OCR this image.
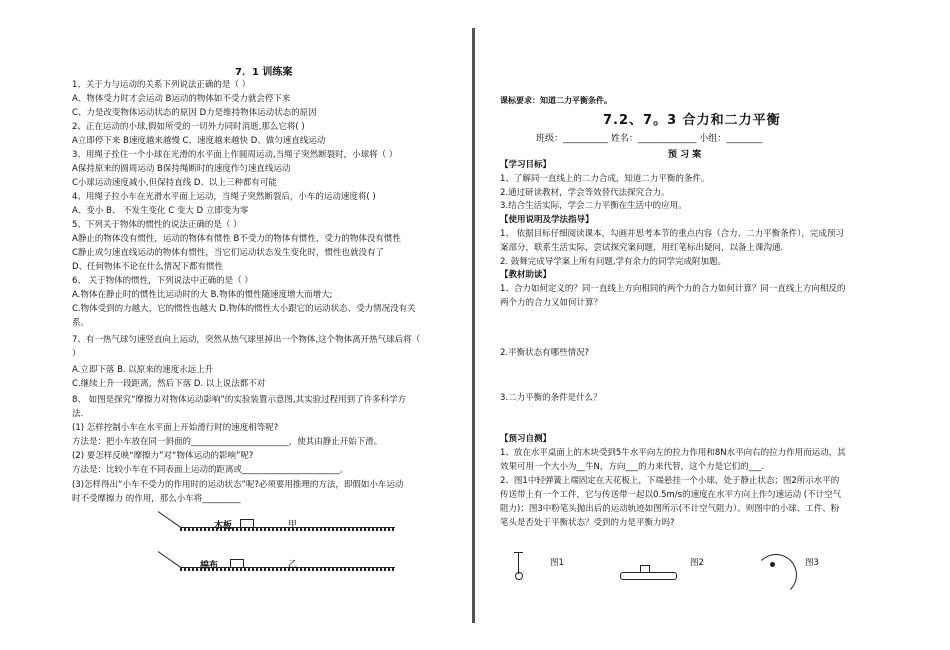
7．1 训练案
1、关于力与运动的关系下列说法正确的是（ ）
A、物体受力时才会运动 B运动的物体如不受力就会停下来
C、力是改变物体运动状态的原因 D力是维持物体运动状态的原因
2、正在运动的小球,假如所受的一切外力同时消逝,那么它将( )
A立即停下来 B速度越来越慢 C、速度越来越快 D、做匀速直线运动
3、用绳子拴住一个小球在光滑的水平面上作圆周运动,当绳子突然断裂时，小球将（ ）
A保持原来的圆周运动 B保持绳断时的速度作匀速直线运动
C小球运动速度减小,但保持直线 D、以上三种都有可能
4、用绳子拉小车在光滑水平面上运动，当绳子突然断裂后，小车的运动速度将( )
A、变小 B、 不发生变化 C 变大 D 立即变为零
5、下列关于物体的惯性的说法正确的是（ ）
A静止的物体没有惯性，运动的物体有惯性 B不受力的物体有惯性，受力的物体没有惯性
C静止或匀速直线运动的物体有惯性，当它们运动状态发生变化时，惯性也就没有了
D、任何物体不论在什么情况下都有惯性
6、 关于物体的惯性，下列说法中正确的是（ ）
A.物体在静止时的惯性比运动时的大 B.物体的惯性随速度增大而增大;
C.物体受到的力越大，它的惯性也越大 D.物体的惯性大小跟它的运动状态、受力情况没有关
系。
7、有一热气球匀速竖直向上运动，突然从热气球里掉出一个物体,这个物体离开热气球后将（
）
A.立即下落 B. 以原来的速度永远上升
C.继续上升一段距离，然后下落 D. 以上说法都不对
8、 如图是探究“摩擦力对物体运动影响”的实验装置示意图,其实验过程用到了许多科学方
法.
(1) 怎样控制小车在水平面上开始滑行时的速度相等呢?
方法是：把小车放在同一斜面的_______________________，使其由静止开始下滑。
(2) 要怎样反映“摩擦力”对“物体运动的影响”呢?
方法是：比较小车在不同表面上运动的距离或_______________________。
(3)怎样得出“小车不受力的作用时的运动状态”呢?必须要用推理的方法，即假如小车运动
时不受摩擦力 的作用，那么小车将_________
木板	甲
棉布	乙
课标要求：知道二力平衡条件。
7.2、7。3 合力和二力平衡
班级：__________ 姓名：_____________ 小组：________
预 习 案
【学习目标】
1、了解同一直线上的二力合成，知道二力平衡的条件。
2.通过研读教材，学会等效替代法探究合力。
3.结合生活实际，学会二力平衡在生活中的应用。
【使用说明及学法指导】
1、 依据目标仔细阅读课本，勾画并思考本节的重点内容（合力、二力平衡条件），完成预习
案部分，联系生活实际，尝试探究案问题，用红笔标出疑问，以备上课沟通.
2. 鼓舞完成导学案上所有问题,学有余力的同学完成附加题。
【教材助读】
1、合力如何定义的？同一直线上方向相同的两个力的合力如何计算？同一直线上方向相反的
两个力的合力又如何计算？
2.平衡状态有哪些情况?
3.二力平衡的条件是什么？
【预习自测】
1、放在水平桌面上的木块受到5牛水平向左的拉力作用和8N水平向右的拉力作用而运动，其
效果可用一个大小为__牛N，方向___的力来代替，这个力是它们的___.
2、图1中轻弹簧上端固定在天花板上，下端悬挂一个小球，处于静止状态；图2所示水平的
传送带上有一个工件，它与传送带一起以0.5m/s的速度在水平方向上作匀速运动 (不计空气
阻力)；图3中粉笔头抛出后的运动轨迹如图所示(不计空气阻力）。则图中的小球、工件、粉
笔头是否处于平衡状态？受到的力是平衡力吗?
图1	图2	图3
